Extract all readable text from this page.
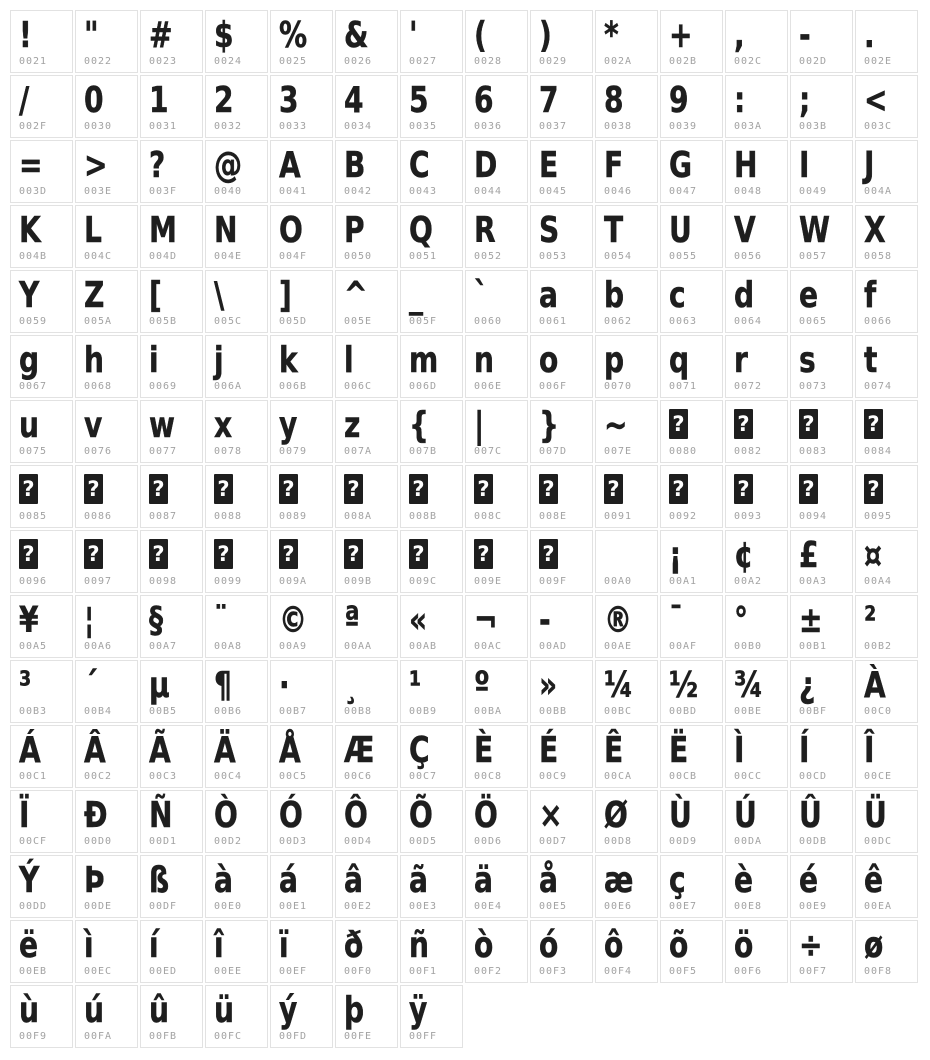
!
0021
"
0022
#
0023
$
0024
%
0025
&
0026
'
0027
(
0028
)
0029
*
002A
+
002B
,
002C
-
002D
.
002E
/
002F
0
0030
1
0031
2
0032
3
0033
4
0034
5
0035
6
0036
7
0037
8
0038
9
0039
:
003A
;
003B
<
003C
=
003D
>
003E
?
003F
@
0040
A
0041
B
0042
C
0043
D
0044
E
0045
F
0046
G
0047
H
0048
I
0049
J
004A
K
004B
L
004C
M
004D
N
004E
O
004F
P
0050
Q
0051
R
0052
S
0053
T
0054
U
0055
V
0056
W
0057
X
0058
Y
0059
Z
005A
[
005B
\
005C
]
005D
^
005E
_
005F
`
0060
a
0061
b
0062
c
0063
d
0064
e
0065
f
0066
g
0067
h
0068
i
0069
j
006A
k
006B
l
006C
m
006D
n
006E
o
006F
p
0070
q
0071
r
0072
s
0073
t
0074
u
0075
v
0076
w
0077
x
0078
y
0079
z
007A
{
007B
|
007C
}
007D
~
007E
?
0080
?
0082
?
0083
?
0084
?
0085
?
0086
?
0087
?
0088
?
0089
?
008A
?
008B
?
008C
?
008E
?
0091
?
0092
?
0093
?
0094
?
0095
?
0096
?
0097
?
0098
?
0099
?
009A
?
009B
?
009C
?
009E
?
009F	00A0
¡
00A1
¢
00A2
£
00A3
¤
00A4
¥
00A5
¦
00A6
§
00A7
¨
00A8
©
00A9
ª
00AA
«
00AB
¬
00AC
-
00AD
®
00AE
¯
00AF
°
00B0
±
00B1
²
00B2
³
00B3
´
00B4
µ
00B5
¶
00B6
·
00B7
¸
00B8
¹
00B9
º
00BA
»
00BB
¼
00BC
½
00BD
¾
00BE
¿
00BF
À
00C0
Á
00C1
Â
00C2
Ã
00C3
Ä
00C4
Å
00C5
Æ
00C6
Ç
00C7
È
00C8
É
00C9
Ê
00CA
Ë
00CB
Ì
00CC
Í
00CD
Î
00CE
Ï
00CF
Ð
00D0
Ñ
00D1
Ò
00D2
Ó
00D3
Ô
00D4
Õ
00D5
Ö
00D6
×
00D7
Ø
00D8
Ù
00D9
Ú
00DA
Û
00DB
Ü
00DC
Ý
00DD
Þ
00DE
ß
00DF
à
00E0
á
00E1
â
00E2
ã
00E3
ä
00E4
å
00E5
æ
00E6
ç
00E7
è
00E8
é
00E9
ê
00EA
ë
00EB
ì
00EC
í
00ED
î
00EE
ï
00EF
ð
00F0
ñ
00F1
ò
00F2
ó
00F3
ô
00F4
õ
00F5
ö
00F6
÷
00F7
ø
00F8
ù
00F9
ú
00FA
û
00FB
ü
00FC
ý
00FD
þ
00FE
ÿ
00FF
